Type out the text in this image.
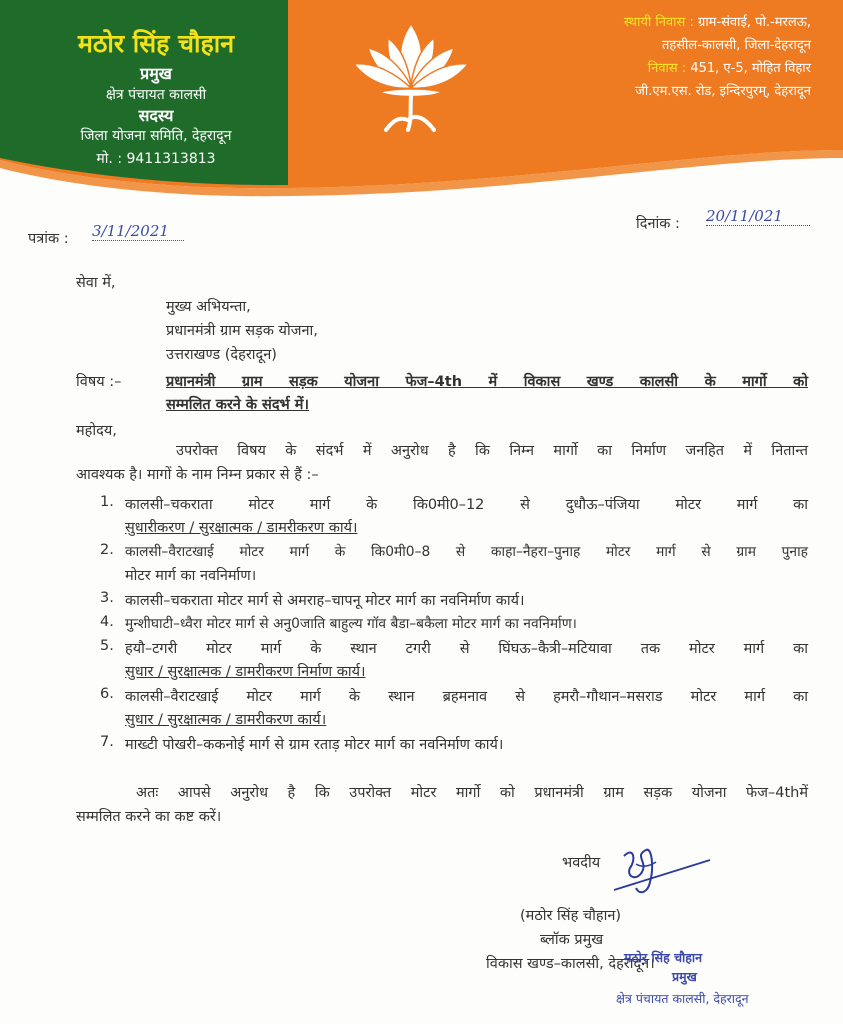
मठोर सिंह चौहान
प्रमुख
क्षेत्र पंचायत कालसी
सदस्य
जिला योजना समिति, देहरादून
मो. : 9411313813
स्थायी निवास : ग्राम-संवाई, पो.-मरलऊ,
तहसील-कालसी, जिला-देहरादून
निवास : 451, ए-5, मोहित विहार
जी.एम.एस. रोड, इन्दिरपुरम्, देहरादून
पत्रांक : 3/11/2021	दिनांक : 20/11/021
सेवा में,
मुख्य अभियन्ता,
प्रधानमंत्री ग्राम सड़क योजना,
उत्तराखण्ड (देहरादून)
विषय :–	प्रधानमंत्री ग्राम सड़क योजना फेज–4th में विकास खण्ड कालसी के मार्गो को
सम्मलित करने के संदर्भ में।
महोदय,
उपरोक्त विषय के संदर्भ में अनुरोध है कि निम्न मार्गो का निर्माण जनहित में नितान्त
आवश्यक है। मागों के नाम निम्न प्रकार से हैं :–
1. कालसी–चकराता मोटर मार्ग के कि0मी0–12 से दुधौऊ–पंजिया मोटर मार्ग का
सुधारीकरण / सुरक्षात्मक / डामरीकरण कार्य।
2. कालसी–वैराटखाई मोटर मार्ग के कि0मी0–8 से काहा–नैहरा–पुनाह मोटर मार्ग से ग्राम पुनाह
मोटर मार्ग का नवनिर्माण।
3. कालसी–चकराता मोटर मार्ग से अमराह–चापनू मोटर मार्ग का नवनिर्माण कार्य।
4. मुन्शीघाटी–ध्वैरा मोटर मार्ग से अनु0जाति बाहुल्य गॉव बैडा–बकैला मोटर मार्ग का नवनिर्माण।
5. हयौ–टगरी मोटर मार्ग के स्थान टगरी से घिंघऊ–कैत्री–मटियावा तक मोटर मार्ग का
सुधार / सुरक्षात्मक / डामरीकरण निर्माण कार्य।
6. कालसी–वैराटखाई मोटर मार्ग के स्थान ब्रहमनाव से हमरौ–गौथान–मसराड मोटर मार्ग का
सुधार / सुरक्षात्मक / डामरीकरण कार्य।
7. माख्टी पोखरी–ककनोई मार्ग से ग्राम रताड़ मोटर मार्ग का नवनिर्माण कार्य।
अतः आपसे अनुरोध है कि उपरोक्त मोटर मार्गो को प्रधानमंत्री ग्राम सड़क योजना फेज–4thमें
सम्मलित करने का कष्ट करें।
भवदीय
(मठोर सिंह चौहान)
ब्लॉक प्रमुख
विकास खण्ड–कालसी, देहरादून।
मठोर सिंह चौहान
प्रमुख
क्षेत्र पंचायत कालसी, देहरादून
